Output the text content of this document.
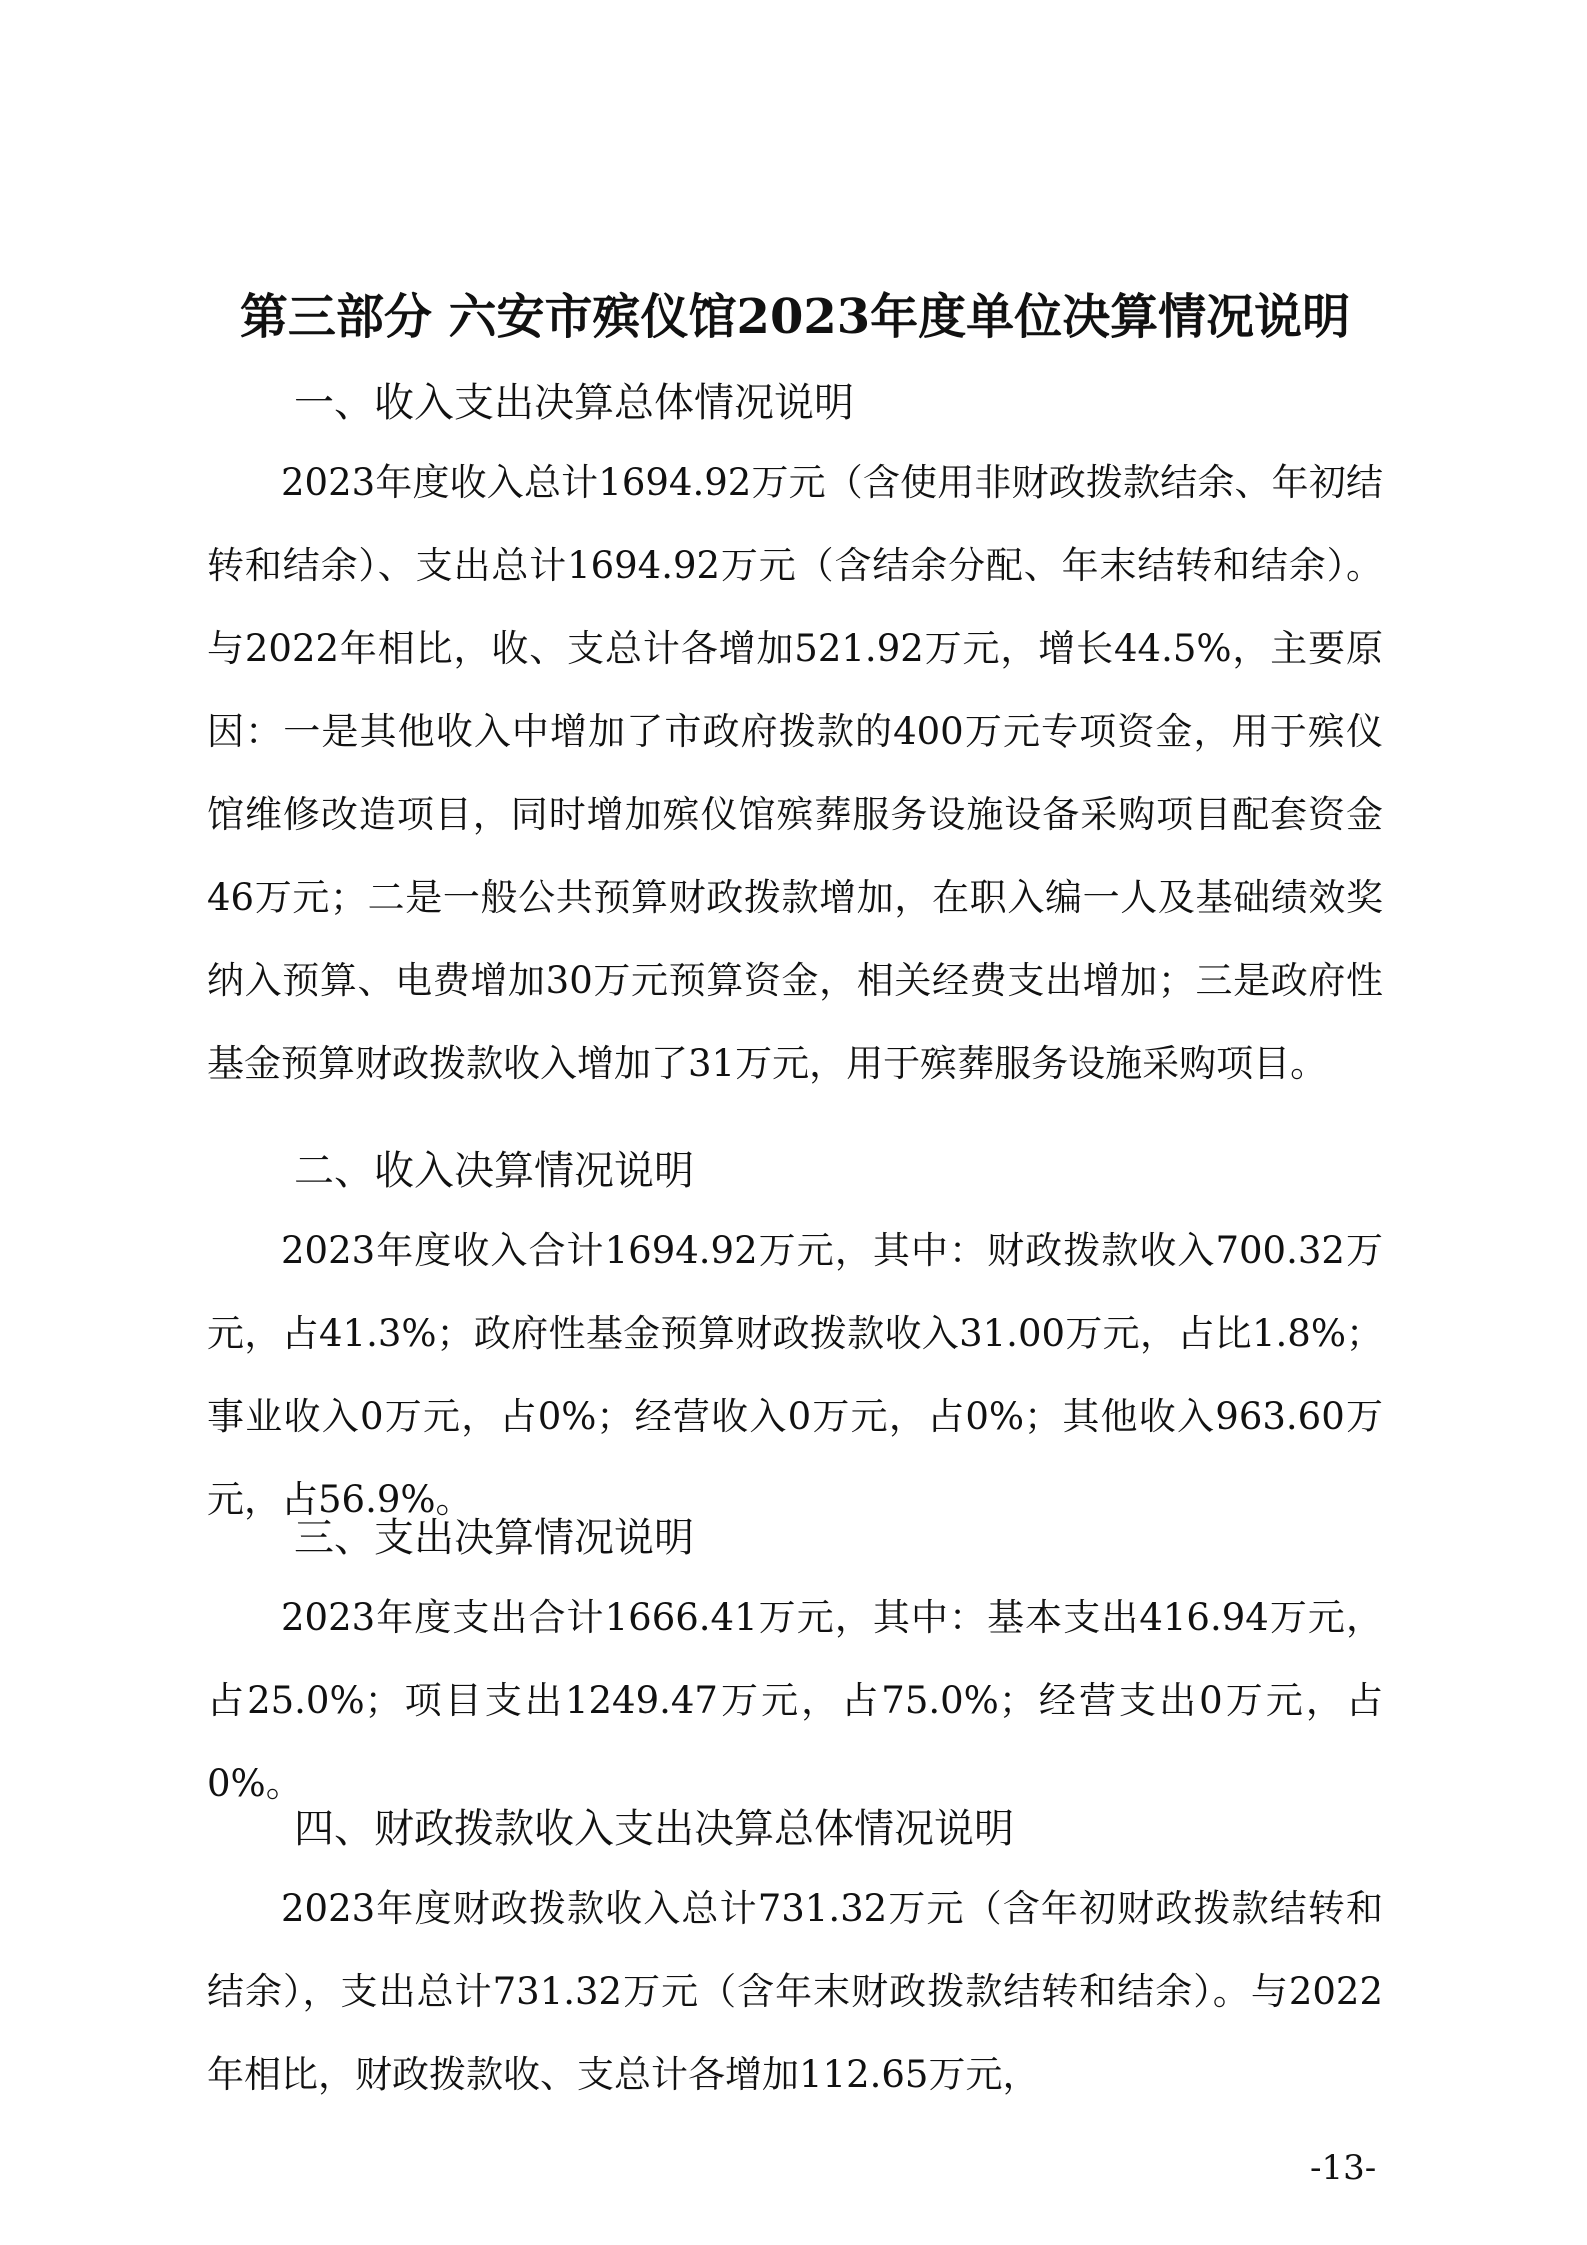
第三部分 六安市殡仪馆2023年度单位决算情况说明
一、收入支出决算总体情况说明

2023年度收入总计1694.92万元（含使用非财政拨款结余、年初结转和结余）、支出总计1694.92万元（含结余分配、年末结转和结余）。与2022年相比，收、支总计各增加521.92万元，增长44.5%，主要原因：一是其他收入中增加了市政府拨款的400万元专项资金，用于殡仪馆维修改造项目，同时增加殡仪馆殡葬服务设施设备采购项目配套资金46万元；二是一般公共预算财政拨款增加，在职入编一人及基础绩效奖纳入预算、电费增加30万元预算资金，相关经费支出增加；三是政府性基金预算财政拨款收入增加了31万元，用于殡葬服务设施采购项目。

二、收入决算情况说明

2023年度收入合计1694.92万元，其中：财政拨款收入700.32万元，占41.3%；政府性基金预算财政拨款收入31.00万元，占比1.8%；事业收入0万元，占0%；经营收入0万元，占0%；其他收入963.60万元，占56.9%。

三、支出决算情况说明

2023年度支出合计1666.41万元，其中：基本支出416.94万元，占25.0%；项目支出1249.47万元，占75.0%；经营支出0万元，占0%。

四、财政拨款收入支出决算总体情况说明

2023年度财政拨款收入总计731.32万元（含年初财政拨款结转和结余），支出总计731.32万元（含年末财政拨款结转和结余）。与2022年相比，财政拨款收、支总计各增加112.65万元，

-13-
